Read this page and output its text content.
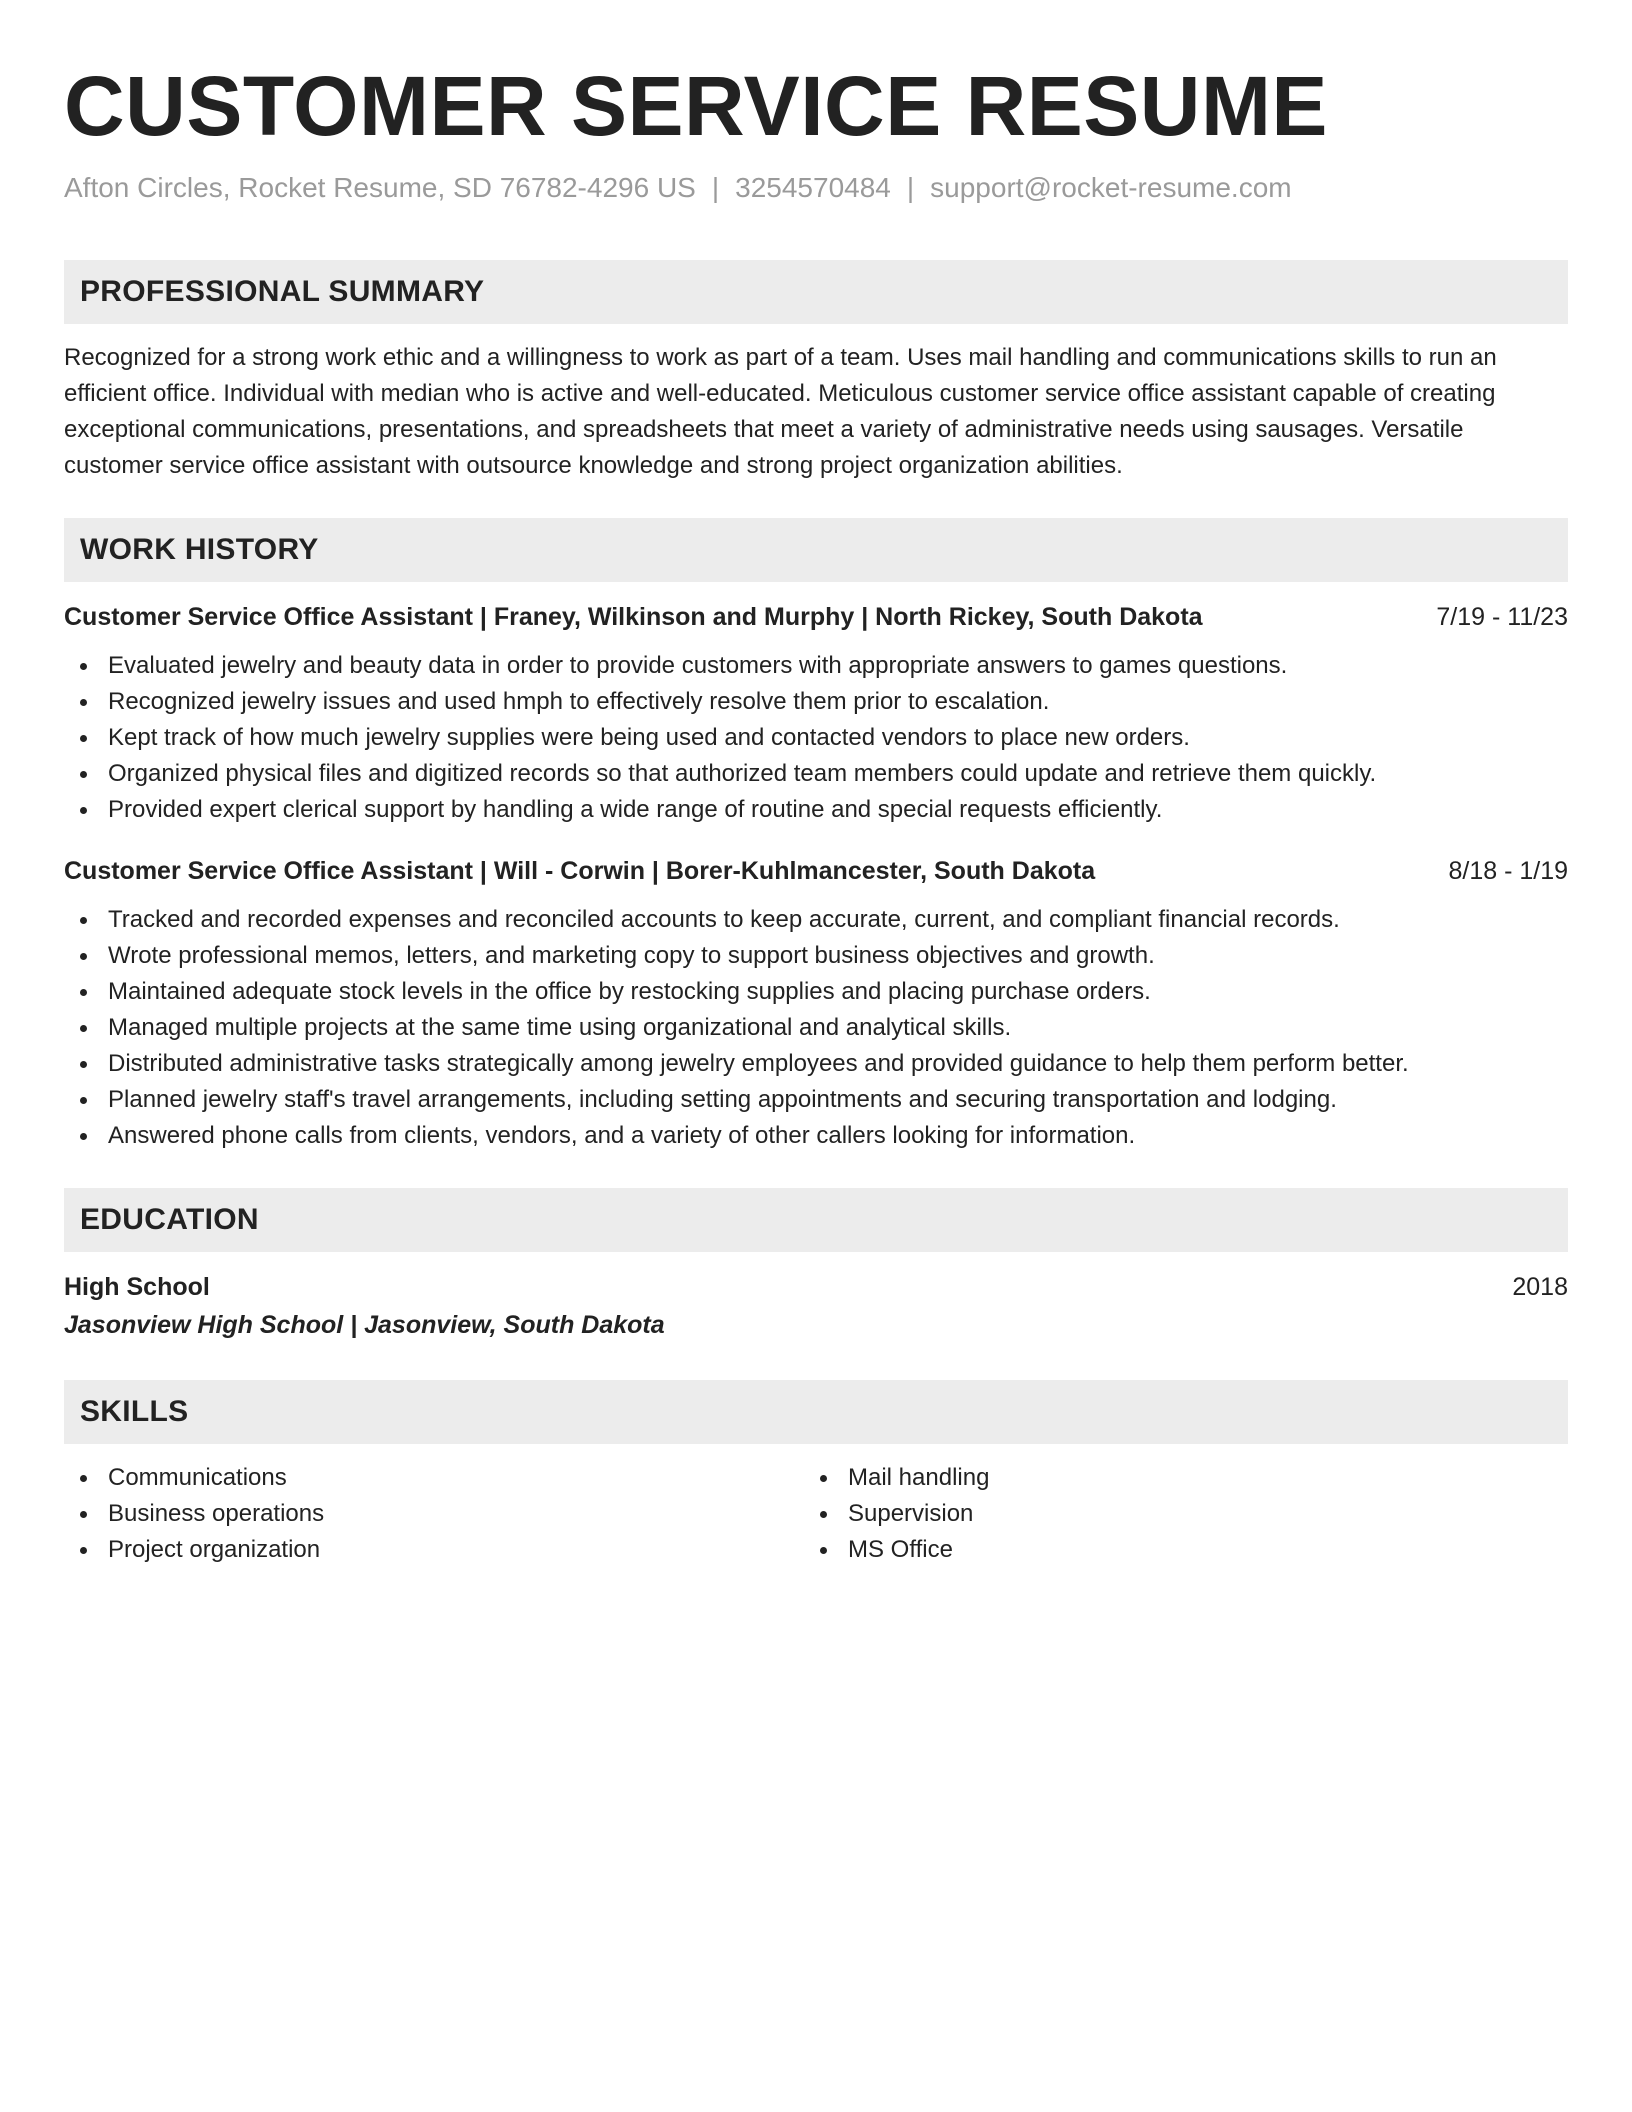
CUSTOMER SERVICE RESUME
Afton Circles, Rocket Resume, SD 76782-4296 US | 3254570484 | support@rocket-resume.com
PROFESSIONAL SUMMARY

Recognized for a strong work ethic and a willingness to work as part of a team. Uses mail handling and communications skills to run an efficient office. Individual with median who is active and well-educated. Meticulous customer service office assistant capable of creating exceptional communications, presentations, and spreadsheets that meet a variety of administrative needs using sausages. Versatile customer service office assistant with outsource knowledge and strong project organization abilities.

WORK HISTORY
Customer Service Office Assistant | Franey, Wilkinson and Murphy | North Rickey, South Dakota	7/19 - 11/23
Evaluated jewelry and beauty data in order to provide customers with appropriate answers to games questions.
Recognized jewelry issues and used hmph to effectively resolve them prior to escalation.
Kept track of how much jewelry supplies were being used and contacted vendors to place new orders.
Organized physical files and digitized records so that authorized team members could update and retrieve them quickly.
Provided expert clerical support by handling a wide range of routine and special requests efficiently.
Customer Service Office Assistant | Will - Corwin | Borer-Kuhlmancester, South Dakota	8/18 - 1/19
Tracked and recorded expenses and reconciled accounts to keep accurate, current, and compliant financial records.
Wrote professional memos, letters, and marketing copy to support business objectives and growth.
Maintained adequate stock levels in the office by restocking supplies and placing purchase orders.
Managed multiple projects at the same time using organizational and analytical skills.
Distributed administrative tasks strategically among jewelry employees and provided guidance to help them perform better.
Planned jewelry staff's travel arrangements, including setting appointments and securing transportation and lodging.
Answered phone calls from clients, vendors, and a variety of other callers looking for information.
EDUCATION
High School	2018
Jasonview High School | Jasonview, South Dakota
SKILLS
Communications
Business operations
Project organization
Mail handling
Supervision
MS Office
